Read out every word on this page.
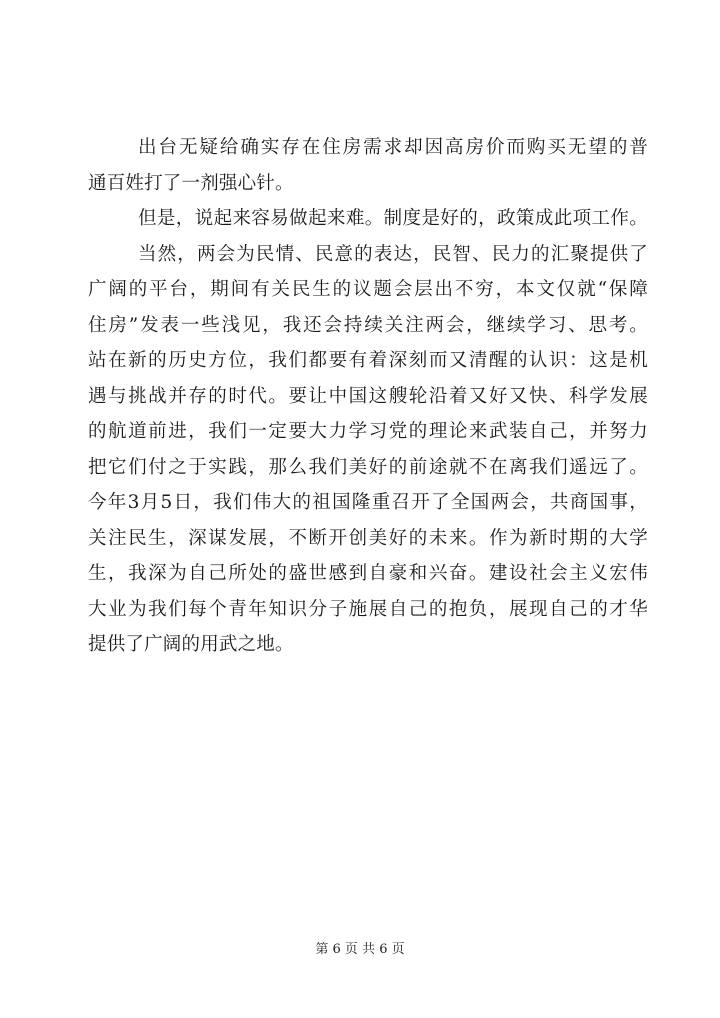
出台无疑给确实存在住房需求却因高房价而购买无望的普
通百姓打了一剂强心针。
但是，说起来容易做起来难。制度是好的，政策成此项工作。
当然，两会为民情、民意的表达，民智、民力的汇聚提供了
广阔的平台，期间有关民生的议题会层出不穷，本文仅就“保障
住房”发表一些浅见，我还会持续关注两会，继续学习、思考。
站在新的历史方位，我们都要有着深刻而又清醒的认识：这是机
遇与挑战并存的时代。要让中国这艘轮沿着又好又快、科学发展
的航道前进，我们一定要大力学习党的理论来武装自己，并努力
把它们付之于实践，那么我们美好的前途就不在离我们遥远了。
今年3月5日，我们伟大的祖国隆重召开了全国两会，共商国事，
关注民生，深谋发展，不断开创美好的未来。作为新时期的大学
生，我深为自己所处的盛世感到自豪和兴奋。建设社会主义宏伟
大业为我们每个青年知识分子施展自己的抱负，展现自己的才华
提供了广阔的用武之地。
第 6 页 共 6 页
